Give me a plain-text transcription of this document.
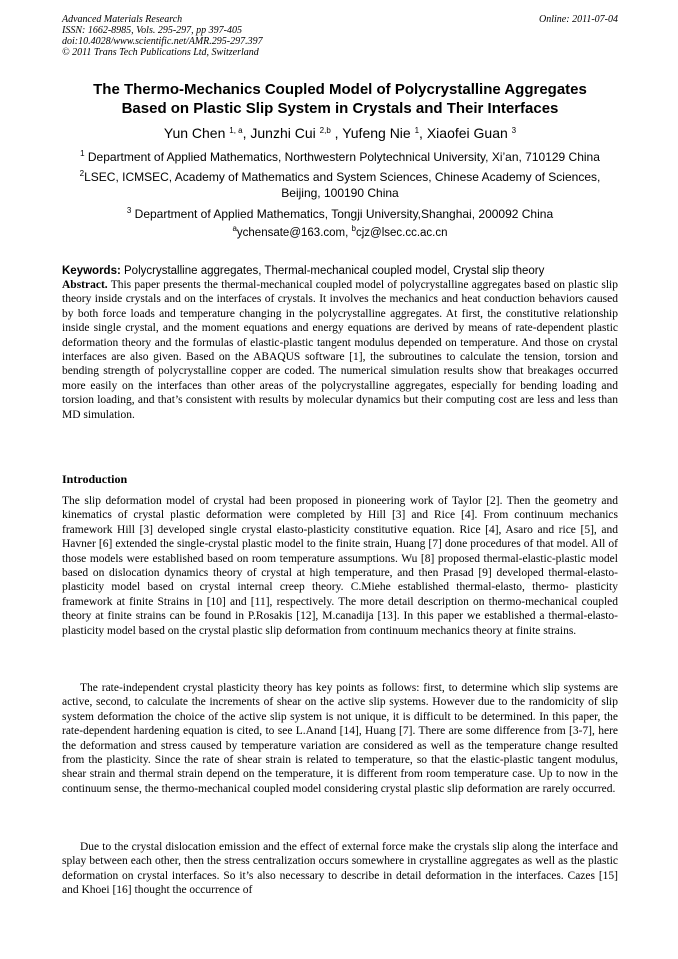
Advanced Materials Research
ISSN: 1662-8985, Vols. 295-297, pp 397-405
doi:10.4028/www.scientific.net/AMR.295-297.397
© 2011 Trans Tech Publications Ltd, Switzerland
Online: 2011-07-04
The Thermo-Mechanics Coupled Model of Polycrystalline Aggregates
Based on Plastic Slip System in Crystals and Their Interfaces
Yun Chen $^{1, a}$, Junzhi Cui $^{2,b}$ , Yufeng Nie $^1$, Xiaofei Guan $^3$
$^1$ Department of Applied Mathematics, Northwestern Polytechnical University, Xi’an, 710129 China
$^2$LSEC, ICMSEC, Academy of Mathematics and System Sciences, Chinese Academy of Sciences,
Beijing, 100190 China
$^3$ Department of Applied Mathematics, Tongji University,Shanghai, 200092 China
$^a$ychensate@163.com, $^b$cjz@lsec.cc.ac.cn
Keywords: Polycrystalline aggregates, Thermal-mechanical coupled model, Crystal slip theory
Abstract. This paper presents the thermal-mechanical coupled model of polycrystalline aggregates based on plastic slip theory inside crystals and on the interfaces of crystals. It involves the mechanics and heat conduction behaviors caused by both force loads and temperature changing in the polycrystalline aggregates. At first, the constitutive relationship inside single crystal, and the moment equations and energy equations are derived by means of rate-dependent plastic deformation theory and the formulas of elastic-plastic tangent modulus depended on temperature. And those on crystal interfaces are also given. Based on the ABAQUS software [1], the subroutines to calculate the tension, torsion and bending strength of polycrystalline copper are coded. The numerical simulation results show that breakages occurred more easily on the interfaces than other areas of the polycrystalline aggregates, especially for bending loading and torsion loading, and that’s consistent with results by molecular dynamics but their computing cost are less and less than MD simulation.
Introduction
The slip deformation model of crystal had been proposed in pioneering work of Taylor [2]. Then the geometry and kinematics of crystal plastic deformation were completed by Hill [3] and Rice [4]. From continuum mechanics framework Hill [3] developed single crystal elasto-plasticity constitutive equation. Rice [4], Asaro and rice [5], and Havner [6] extended the single-crystal plastic model to the finite strain, Huang [7] done procedures of that model. All of those models were established based on room temperature assumptions. Wu [8] proposed thermal-elastic-plastic model based on dislocation dynamics theory of crystal at high temperature, and then Prasad [9] developed thermal-elasto-plasticity model based on crystal internal creep theory. C.Miehe established thermal-elasto, thermo- plasticity framework at finite Strains in [10] and [11], respectively. The more detail description on thermo-mechanical coupled theory at finite strains can be found in P.Rosakis [12], M.canadija [13]. In this paper we established a thermal-elasto-plasticity model based on the crystal plastic slip deformation from continuum mechanics theory at finite strains.
The rate-independent crystal plasticity theory has key points as follows: first, to determine which slip systems are active, second, to calculate the increments of shear on the active slip systems. However due to the randomicity of slip system deformation the choice of the active slip system is not unique, it is difficult to be determined. In this paper, the rate-dependent hardening equation is cited, to see L.Anand [14], Huang [7]. There are some difference from [3-7], here the deformation and stress caused by temperature variation are considered as well as the temperature change resulted from the plasticity. Since the rate of shear strain is related to temperature, so that the elastic-plastic tangent modulus, shear strain and thermal strain depend on the temperature, it is different from room temperature case. Up to now in the continuum sense, the thermo-mechanical coupled model considering crystal plastic slip deformation are rarely occurred.
Due to the crystal dislocation emission and the effect of external force make the crystals slip along the interface and splay between each other, then the stress centralization occurs somewhere in crystalline aggregates as well as the plastic deformation on crystal interfaces. So it’s also necessary to describe in detail deformation in the interfaces. Cazes [15] and Khoei [16] thought the occurrence of
